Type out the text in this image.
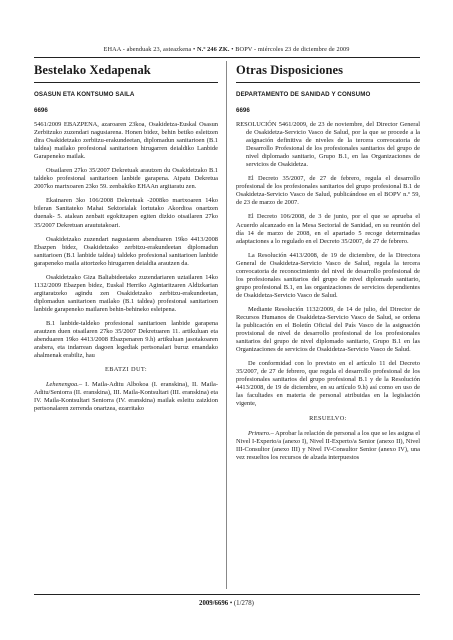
EHAA - abenduak 23, asteazkena • N.º 246 ZK. • BOPV - miércoles 23 de diciembre de 2009
Bestelako Xedapenak
OSASUN ETA KONTSUMO SAILA
6696

5461/2009 EBAZPENA, azaroaren 23koa, Osakidetza-Euskal Osasun Zerbitzuko zuzendari nagusiarena. Honen bidez, behin betiko esleitzen dira Osakidetzako zerbitzu-erakundeetan, diplomadun sanitarioen (B.1 taldea) mailako profesional sanitarioen hirugarren deialdiko Lanbide Garapeneko mailak.

Otsailaren 27ko 35/2007 Dekretuak arautzen du Osakidetzako B.1 taldeko profesional sanitarioen lanbide garapena. Aipatu Dekretua 2007ko martxoaren 23ko 59. zenbakiko EHAAn argitaratu zen.

Ekainaren 3ko 106/2008 Dekretuak -2008ko martxoaren 14ko bileran Sanitateko Mahai Sektorialak lortutako Akordioa onartzen duenak- 5. atalean zenbait egokitzapen egiten dizkio otsailaren 27ko 35/2007 Dekretuan araututakoari.

Osakidetzako zuzendari nagusiaren abenduaren 19ko 4413/2008 Ebazpen bidez, Osakidetzako zerbitzu-erakundeetan diplomadun sanitarioen (B.1 lanbide taldea) taldeko profesional sanitarioen lanbide garapeneko maila aitortzeko hirugarren deialdia arautzen da.

Osakidetzako Giza Baliabideetako zuzendariaren uztailaren 14ko 1132/2009 Ebazpen bidez, Euskal Herriko Agintaritzaren Aldizkarian argitaratzeko agindu zen Osakidetzako zerbitzu-erakundeetan, diplomadun sanitarioen mailako (B.1 taldea) profesional sanitarioen lanbide garapeneko mailaren behin-behineko esleipena.

B.1 lanbide-taldeko profesional sanitarioen lanbide garapena arautzen duen otsailaren 27ko 35/2007 Dekretuaren 11. artikuluan eta abenduaren 19ko 4413/2008 Ebazpenaren 9.h) artikuluan jasotakoaren arabera, eta indarrean dagoen legediak pertsonalari buruz emandako ahalmenak erabiliz, hau

EBATZI DUT:

Lehenengoa.– I. Maila-Aditu Albokoa (I. eranskina), II. Maila-Aditu/Seniorra (II. eranskina), III. Maila-Kontsultari (III. eranskina) eta IV. Maila-Kontsultari Seniorra (IV. eranskina) mailak esleitu zaizkion pertsonalaren zerrenda onartzea, ezarritako

Otras Disposiciones
DEPARTAMENTO DE SANIDAD Y CONSUMO
6696

RESOLUCIÓN 5461/2009, de 23 de noviembre, del Director General de Osakidetza-Servicio Vasco de Salud, por la que se procede a la asignación definitiva de niveles de la tercera convocatoria de Desarrollo Profesional de los profesionales sanitarios del grupo de nivel diplomado sanitario, Grupo B.1, en las Organizaciones de servicios de Osakidetza.

El Decreto 35/2007, de 27 de febrero, regula el desarrollo profesional de los profesionales sanitarios del grupo profesional B.1 de Osakidetza-Servicio Vasco de Salud, publicándose en el BOPV n.º 59, de 23 de marzo de 2007.

El Decreto 106/2008, de 3 de junio, por el que se aprueba el Acuerdo alcanzado en la Mesa Sectorial de Sanidad, en su reunión del día 14 de marzo de 2008, en el apartado 5 recoge determinadas adaptaciones a lo regulado en el Decreto 35/2007, de 27 de febrero.

La Resolución 4413/2008, de 19 de diciembre, de la Directora General de Osakidetza-Servicio Vasco de Salud, regula la tercera convocatoria de reconocimiento del nivel de desarrollo profesional de los profesionales sanitarios del grupo de nivel diplomado sanitario, grupo profesional B.1, en las organizaciones de servicios dependientes de Osakidetza-Servicio Vasco de Salud.

Mediante Resolución 1132/2009, de 14 de julio, del Director de Recursos Humanos de Osakidetza-Servicio Vasco de Salud, se ordena la publicación en el Boletín Oficial del País Vasco de la asignación provisional de nivel de desarrollo profesional de los profesionales sanitarios del grupo de nivel diplomado sanitario, Grupo B.1 en las Organizaciones de servicios de Osakidetza-Servicio Vasco de Salud.

De conformidad con lo previsto en el artículo 11 del Decreto 35/2007, de 27 de febrero, que regula el desarrollo profesional de los profesionales sanitarios del grupo profesional B.1 y de la Resolución 4413/2008, de 19 de diciembre, en su artículo 9.h) así como en uso de las facultades en materia de personal atribuidas en la legislación vigente,

RESUELVO:

Primero.– Aprobar la relación de personal a los que se les asigna el Nivel I-Experto/a (anexo I), Nivel II-Experto/a Senior (anexo II), Nivel III-Consultor (anexo III) y Nivel IV-Consultor Senior (anexo IV), una vez resueltos los recursos de alzada interpuestos

2009/6696 • (1/278)
